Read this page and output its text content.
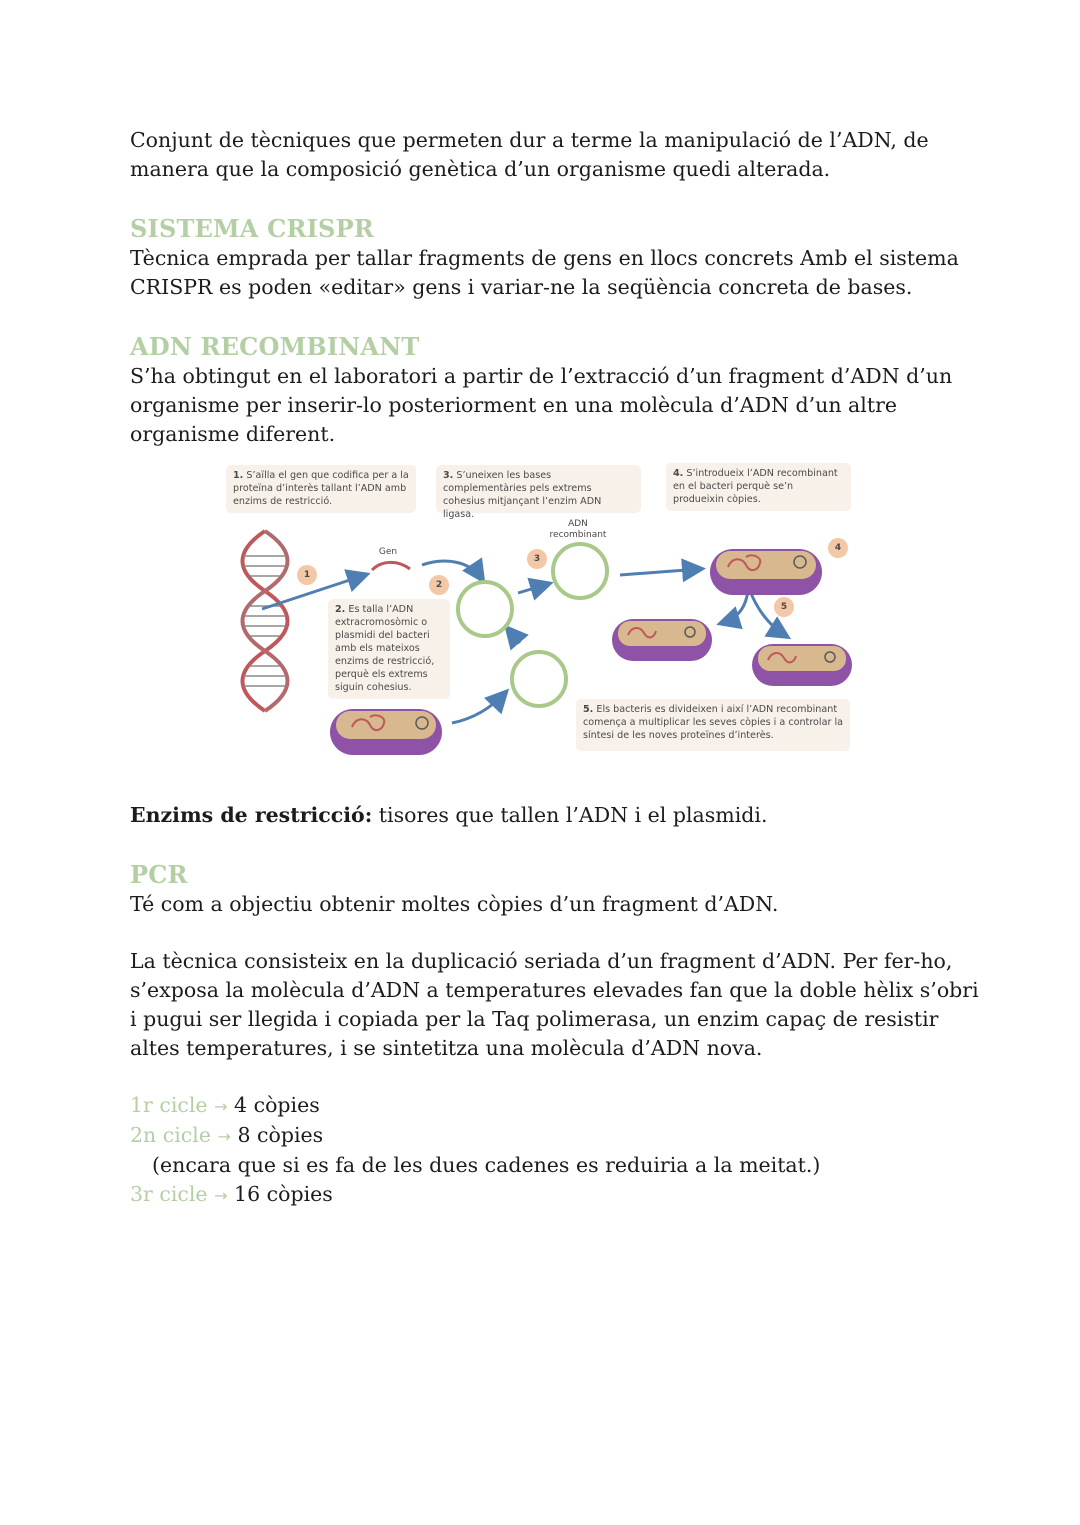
Conjunt de tècniques que permeten dur a terme la manipulació de l’ADN, de manera que la composició genètica d’un organisme quedi alterada.

SISTEMA CRISPR

Tècnica emprada per tallar fragments de gens en llocs concrets Amb el sistema CRISPR es poden «editar» gens i variar-ne la seqüència concreta de bases.

ADN RECOMBINANT

S’ha obtingut en el laboratori a partir de l’extracció d’un fragment d’ADN d’un organisme per inserir-lo posteriorment en una molècula d’ADN d’un altre organisme diferent.

1. S’aïlla el gen que codifica per a la proteïna d’interès tallant l’ADN amb enzims de restricció.
3. S’uneixen les bases complementàries pels extrems cohesius mitjançant l’enzim ADN ligasa.
4. S’introdueix l’ADN recombinant en el bacteri perquè se’n produeixin còpies.
2. Es talla l’ADN extracromosòmic o plasmidi del bacteri amb els mateixos enzims de restricció, perquè els extrems siguin cohesius.
5. Els bacteris es divideixen i així l’ADN recombinant comença a multiplicar les seves còpies i a controlar la síntesi de les noves proteïnes d’interès.
Gen
ADN
recombinant
1
2
3
4
5

Enzims de restricció: tisores que tallen l’ADN i el plasmidi.

PCR

Té com a objectiu obtenir moltes còpies d’un fragment d’ADN.

La tècnica consisteix en la duplicació seriada d’un fragment d’ADN. Per fer-ho, s’exposa la molècula d’ADN a temperatures elevades fan que la doble hèlix s’obri i pugui ser llegida i copiada per la Taq polimerasa, un enzim capaç de resistir altes temperatures, i se sintetitza una molècula d’ADN nova.

1r cicle → 4 còpies

2n cicle → 8 còpies(encara que si es fa de les dues cadenes es reduiria a la meitat.)

3r cicle → 16 còpies
